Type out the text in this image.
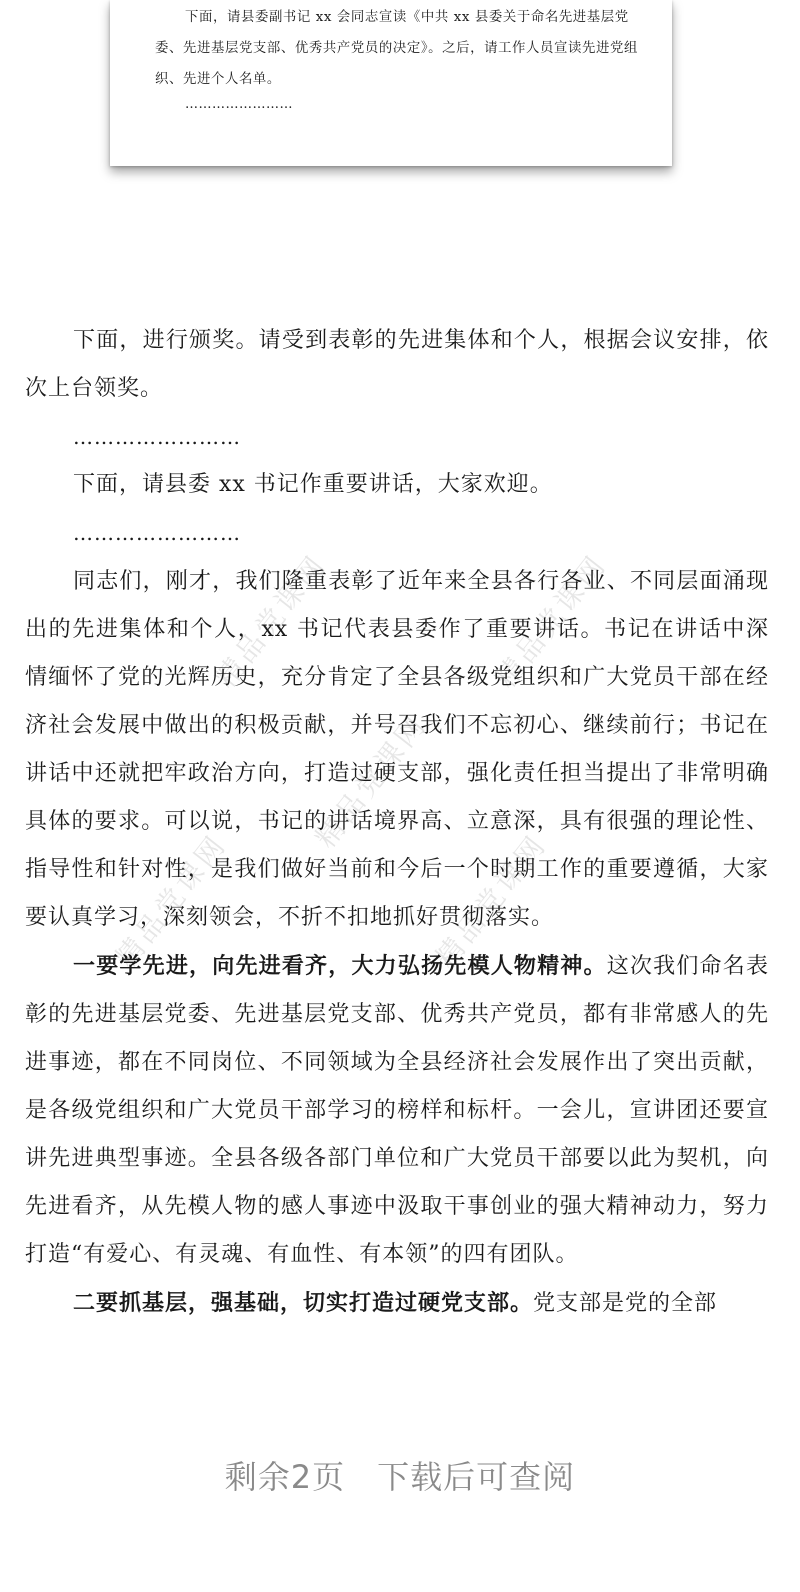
下面，请县委副书记 xx 会同志宣读《中共 xx 县委关于命名先进基层党委、先进基层党支部、优秀共产党员的决定》。之后，请工作人员宣读先进党组织、先进个人名单。

……………………
精品党课网	精品党课网
精品党课网
精品党课网	精品党课网

下面，进行颁奖。请受到表彰的先进集体和个人，根据会议安排，依次上台领奖。

……………………

下面，请县委 xx 书记作重要讲话，大家欢迎。

……………………

同志们，刚才，我们隆重表彰了近年来全县各行各业、不同层面涌现出的先进集体和个人，xx 书记代表县委作了重要讲话。书记在讲话中深情缅怀了党的光辉历史，充分肯定了全县各级党组织和广大党员干部在经济社会发展中做出的积极贡献，并号召我们不忘初心、继续前行；书记在讲话中还就把牢政治方向，打造过硬支部，强化责任担当提出了非常明确具体的要求。可以说，书记的讲话境界高、立意深，具有很强的理论性、指导性和针对性，是我们做好当前和今后一个时期工作的重要遵循，大家要认真学习，深刻领会，不折不扣地抓好贯彻落实。

一要学先进，向先进看齐，大力弘扬先模人物精神。这次我们命名表彰的先进基层党委、先进基层党支部、优秀共产党员，都有非常感人的先进事迹，都在不同岗位、不同领域为全县经济社会发展作出了突出贡献，是各级党组织和广大党员干部学习的榜样和标杆。一会儿，宣讲团还要宣讲先进典型事迹。全县各级各部门单位和广大党员干部要以此为契机，向先进看齐，从先模人物的感人事迹中汲取干事创业的强大精神动力，努力打造“有爱心、有灵魂、有血性、有本领”的四有团队。

二要抓基层，强基础，切实打造过硬党支部。党支部是党的全部

剩余2页 下载后可查阅
